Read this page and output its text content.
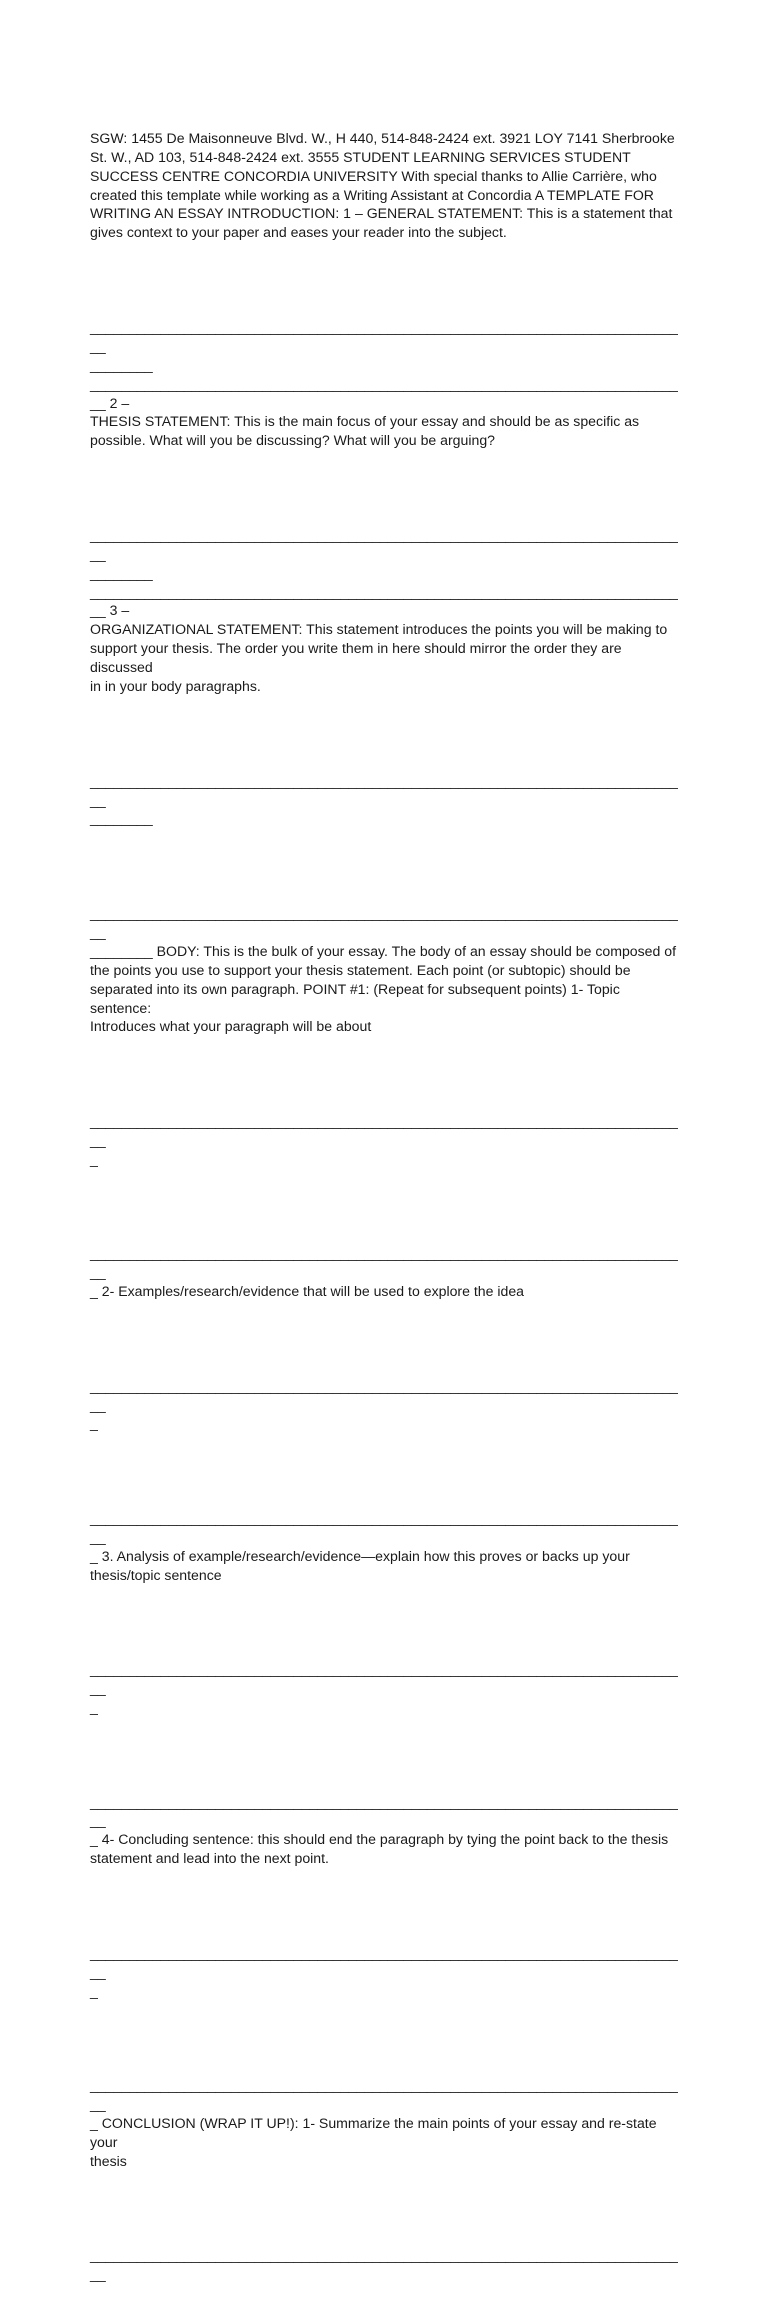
SGW: 1455 De Maisonneuve Blvd. W., H 440, 514-848-2424 ext. 3921 LOY 7141 Sherbrooke
St. W., AD 103, 514-848-2424 ext. 3555 STUDENT LEARNING SERVICES STUDENT
SUCCESS CENTRE CONCORDIA UNIVERSITY With special thanks to Allie Carrière, who
created this template while working as a Writing Assistant at Concordia A TEMPLATE FOR
WRITING AN ESSAY INTRODUCTION: 1 – GENERAL STATEMENT: This is a statement that
gives context to your paper and eases your reader into the subject.

_____________________________________________________________________________
________
_____________________________________________________________________________ 2 –
THESIS STATEMENT: This is the main focus of your essay and should be as specific as
possible. What will you be discussing? What will you be arguing?

_____________________________________________________________________________
________
_____________________________________________________________________________ 3 –
ORGANIZATIONAL STATEMENT: This statement introduces the points you will be making to
support your thesis. The order you write them in here should mirror the order they are discussed
in in your body paragraphs.

_____________________________________________________________________________
________

_____________________________________________________________________________
________ BODY: This is the bulk of your essay. The body of an essay should be composed of
the points you use to support your thesis statement. Each point (or subtopic) should be
separated into its own paragraph. POINT #1: (Repeat for subsequent points) 1- Topic sentence:
Introduces what your paragraph will be about

_____________________________________________________________________________
_

_____________________________________________________________________________
_ 2- Examples/research/evidence that will be used to explore the idea

_____________________________________________________________________________
_

_____________________________________________________________________________
_ 3. Analysis of example/research/evidence—explain how this proves or backs up your
thesis/topic sentence

_____________________________________________________________________________
_

_____________________________________________________________________________
_ 4- Concluding sentence: this should end the paragraph by tying the point back to the thesis
statement and lead into the next point.

_____________________________________________________________________________
_

_____________________________________________________________________________
_ CONCLUSION (WRAP IT UP!): 1- Summarize the main points of your essay and re-state your
thesis

_____________________________________________________________________________
